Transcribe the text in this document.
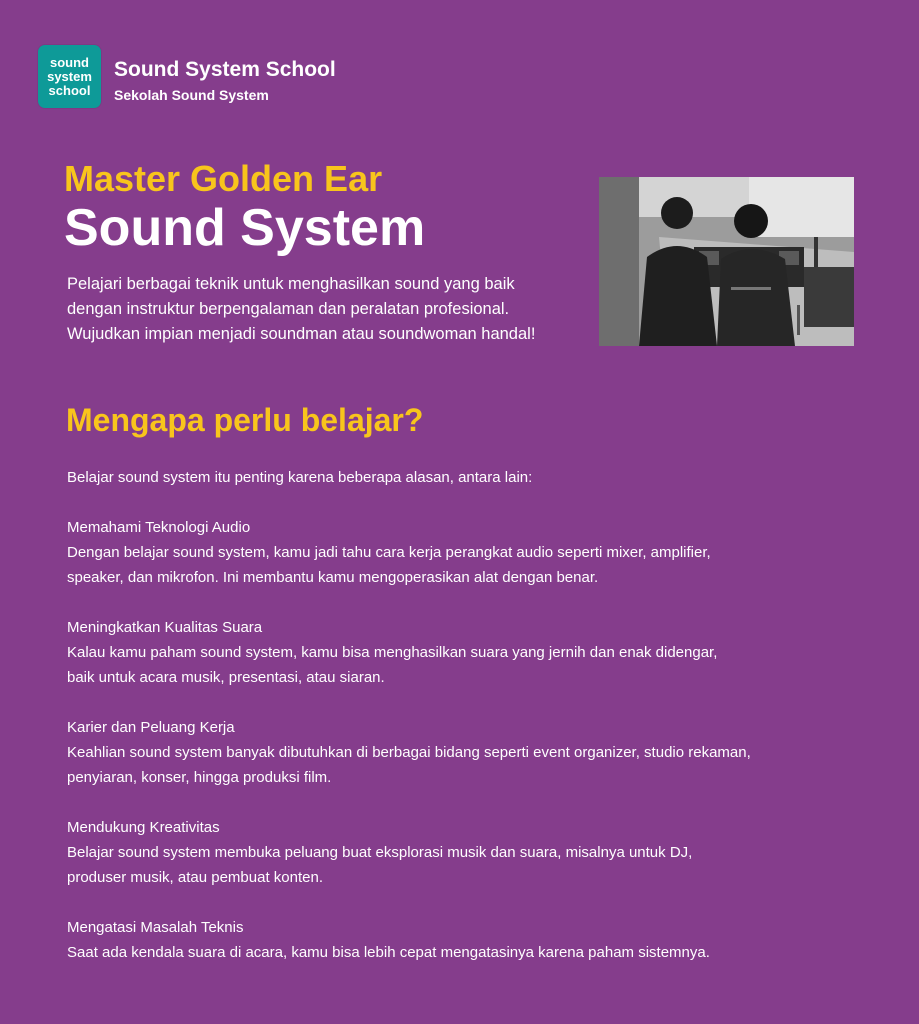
sound
system
school
Sound System School
Sekolah Sound System
Master Golden Ear
Sound System
Pelajari berbagai teknik untuk menghasilkan sound yang baik
dengan instruktur berpengalaman dan peralatan profesional.
Wujudkan impian menjadi soundman atau soundwoman handal!
Mengapa perlu belajar?
Belajar sound system itu penting karena beberapa alasan, antara lain:
Memahami Teknologi Audio
Dengan belajar sound system, kamu jadi tahu cara kerja perangkat audio seperti mixer, amplifier,
speaker, dan mikrofon. Ini membantu kamu mengoperasikan alat dengan benar.
Meningkatkan Kualitas Suara
Kalau kamu paham sound system, kamu bisa menghasilkan suara yang jernih dan enak didengar,
baik untuk acara musik, presentasi, atau siaran.
Karier dan Peluang Kerja
Keahlian sound system banyak dibutuhkan di berbagai bidang seperti event organizer, studio rekaman,
penyiaran, konser, hingga produksi film.
Mendukung Kreativitas
Belajar sound system membuka peluang buat eksplorasi musik dan suara, misalnya untuk DJ,
produser musik, atau pembuat konten.
Mengatasi Masalah Teknis
Saat ada kendala suara di acara, kamu bisa lebih cepat mengatasinya karena paham sistemnya.
